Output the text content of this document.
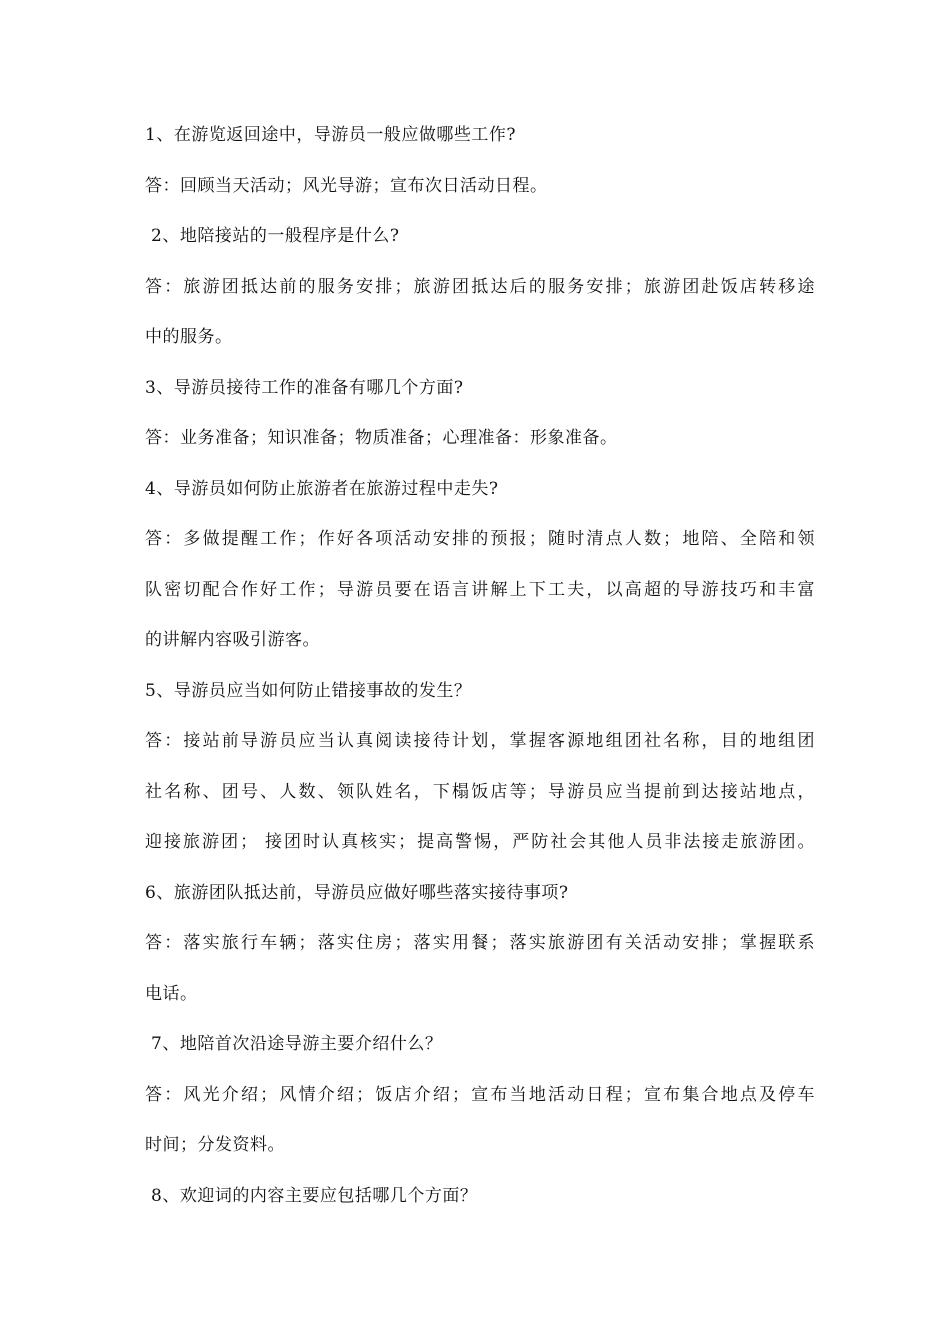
1、在游览返回途中，导游员一般应做哪些工作?
答：回顾当天活动；风光导游；宣布次日活动日程。
2、地陪接站的一般程序是什么?
答：旅游团抵达前的服务安排；旅游团抵达后的服务安排；旅游团赴饭店转移途
中的服务。
3、导游员接待工作的准备有哪几个方面?
答：业务准备；知识准备；物质准备；心理准备：形象准备。
4、导游员如何防止旅游者在旅游过程中走失?
答：多做提醒工作；作好各项活动安排的预报；随时清点人数；地陪、全陪和领
队密切配合作好工作；导游员要在语言讲解上下工夫，以高超的导游技巧和丰富
的讲解内容吸引游客。
5、导游员应当如何防止错接事故的发生？
答：接站前导游员应当认真阅读接待计划，掌握客源地组团社名称，目的地组团
社名称、团号、人数、领队姓名，下榻饭店等；导游员应当提前到达接站地点，
迎接旅游团； 接团时认真核实；提高警惕，严防社会其他人员非法接走旅游团。
6、旅游团队抵达前，导游员应做好哪些落实接待事项?
答：落实旅行车辆；落实住房；落实用餐；落实旅游团有关活动安排；掌握联系
电话。
7、地陪首次沿途导游主要介绍什么？
答：风光介绍；风情介绍；饭店介绍；宣布当地活动日程；宣布集合地点及停车
时间；分发资料。
8、欢迎词的内容主要应包括哪几个方面？
